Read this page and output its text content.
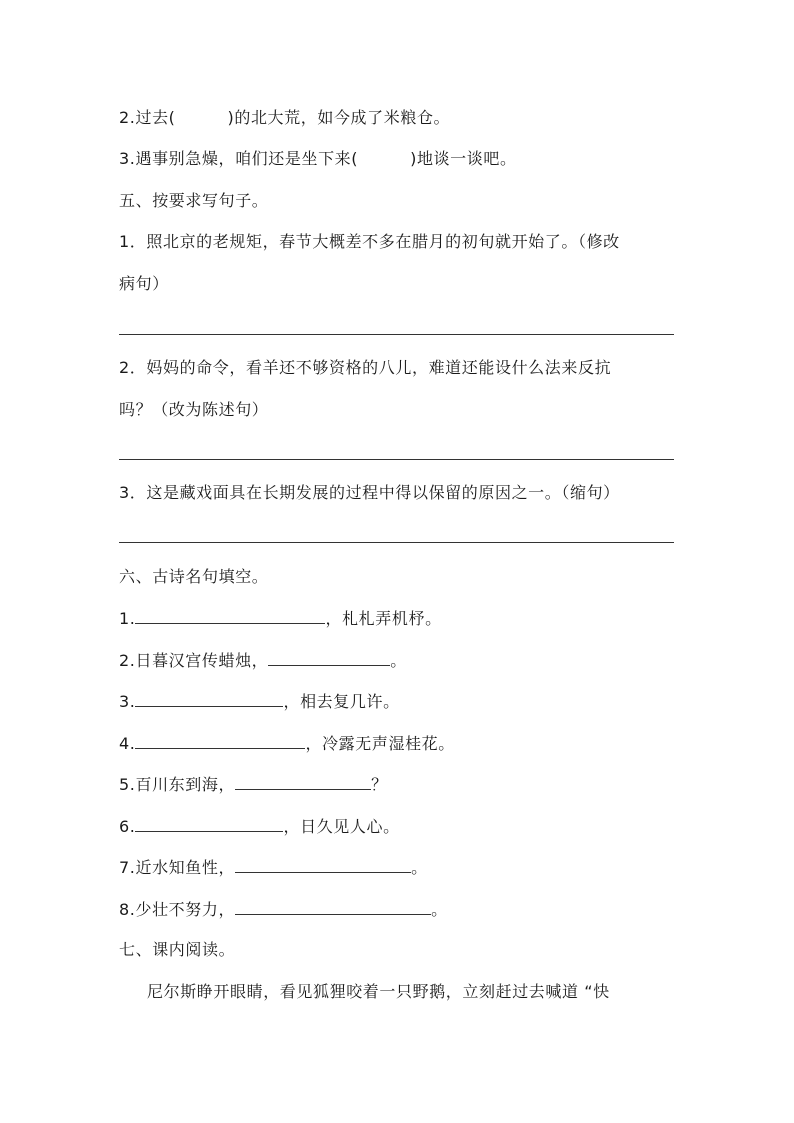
2.过去(	)的北大荒，如今成了米粮仓。
3.遇事别急燥，咱们还是坐下来(	)地谈一谈吧。
五、按要求写句子。
1．照北京的老规矩，春节大概差不多在腊月的初旬就开始了。（修改
病句）
2．妈妈的命令，看羊还不够资格的八儿，难道还能设什么法来反抗
吗？（改为陈述句）
3．这是藏戏面具在长期发展的过程中得以保留的原因之一。（缩句）
六、古诗名句填空。
1.	，札札弄机杼。
2.日暮汉宫传蜡烛，	。
3.	，相去复几许。
4.	，冷露无声湿桂花。
5.百川东到海，	？
6.	，日久见人心。
7.近水知鱼性，	。
8.少壮不努力，	。
七、课内阅读。
尼尔斯睁开眼睛，看见狐狸咬着一只野鹅，立刻赶过去喊道 “快
